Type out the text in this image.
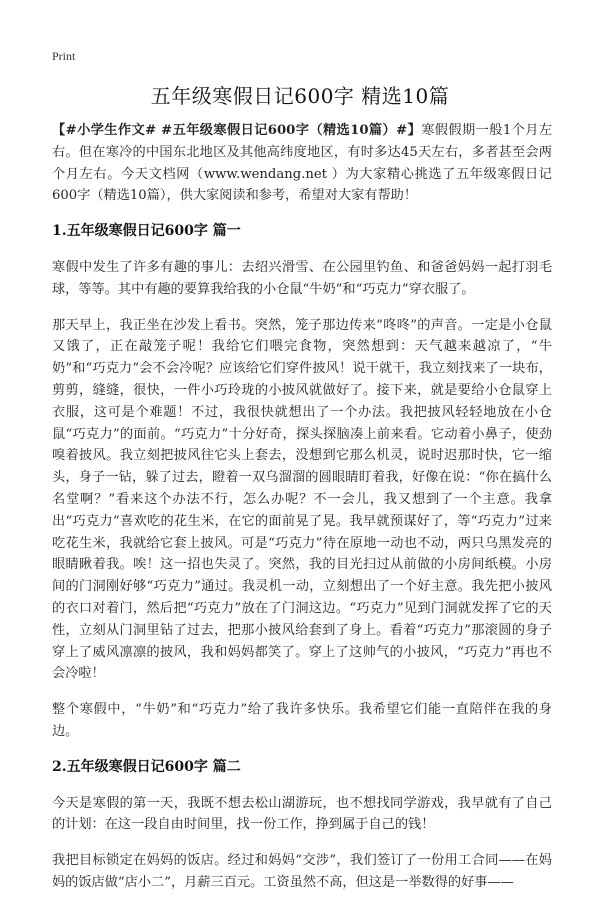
Print
五年级寒假日记600字 精选10篇

【#小学生作文# #五年级寒假日记600字（精选10篇）#】寒假假期一般1个月左右。但在寒冷的中国东北地区及其他高纬度地区，有时多达45天左右，多者甚至会两个月左右。今天文档网（www.wendang.net ）为大家精心挑选了五年级寒假日记600字（精选10篇），供大家阅读和参考，希望对大家有帮助！

1.五年级寒假日记600字 篇一

寒假中发生了许多有趣的事儿：去绍兴滑雪、在公园里钓鱼、和爸爸妈妈一起打羽毛球，等等。其中有趣的要算我给我的小仓鼠“牛奶”和“巧克力”穿衣服了。

那天早上，我正坐在沙发上看书。突然，笼子那边传来“咚咚”的声音。一定是小仓鼠又饿了，正在敲笼子呢！我给它们喂完食物，突然想到：天气越来越凉了，“牛奶”和“巧克力”会不会冷呢？应该给它们穿件披风！说干就干，我立刻找来了一块布，剪剪，缝缝，很快，一件小巧玲珑的小披风就做好了。接下来，就是要给小仓鼠穿上衣服，这可是个难题！不过，我很快就想出了一个办法。我把披风轻轻地放在小仓鼠“巧克力”的面前。“巧克力”十分好奇，探头探脑凑上前来看。它动着小鼻子，使劲嗅着披风。我立刻把披风往它头上套去，没想到它那么机灵，说时迟那时快，它一缩头，身子一钻，躲了过去，瞪着一双乌溜溜的圆眼睛盯着我，好像在说：“你在搞什么名堂啊？”看来这个办法不行，怎么办呢？不一会儿，我又想到了一个主意。我拿出“巧克力”喜欢吃的花生米，在它的面前晃了晃。我早就预谋好了，等“巧克力”过来吃花生米，我就给它套上披风。可是“巧克力”待在原地一动也不动，两只乌黑发亮的眼睛瞅着我。唉！这一招也失灵了。突然，我的目光扫过从前做的小房间纸模。小房间的门洞刚好够“巧克力”通过。我灵机一动，立刻想出了一个好主意。我先把小披风的衣口对着门，然后把“巧克力”放在了门洞这边。“巧克力”见到门洞就发挥了它的天性，立刻从门洞里钻了过去，把那小披风给套到了身上。看着“巧克力”那滚圆的身子穿上了威风凛凛的披风，我和妈妈都笑了。穿上了这帅气的小披风，“巧克力”再也不会冷啦！

整个寒假中，“牛奶”和“巧克力”给了我许多快乐。我希望它们能一直陪伴在我的身边。

2.五年级寒假日记600字 篇二

今天是寒假的第一天，我既不想去松山湖游玩，也不想找同学游戏，我早就有了自己的计划：在这一段自由时间里，找一份工作，挣到属于自己的钱！

我把目标锁定在妈妈的饭店。经过和妈妈“交涉”，我们签订了一份用工合同——在妈妈的饭店做“店小二”，月薪三百元。工资虽然不高，但这是一举数得的好事——
